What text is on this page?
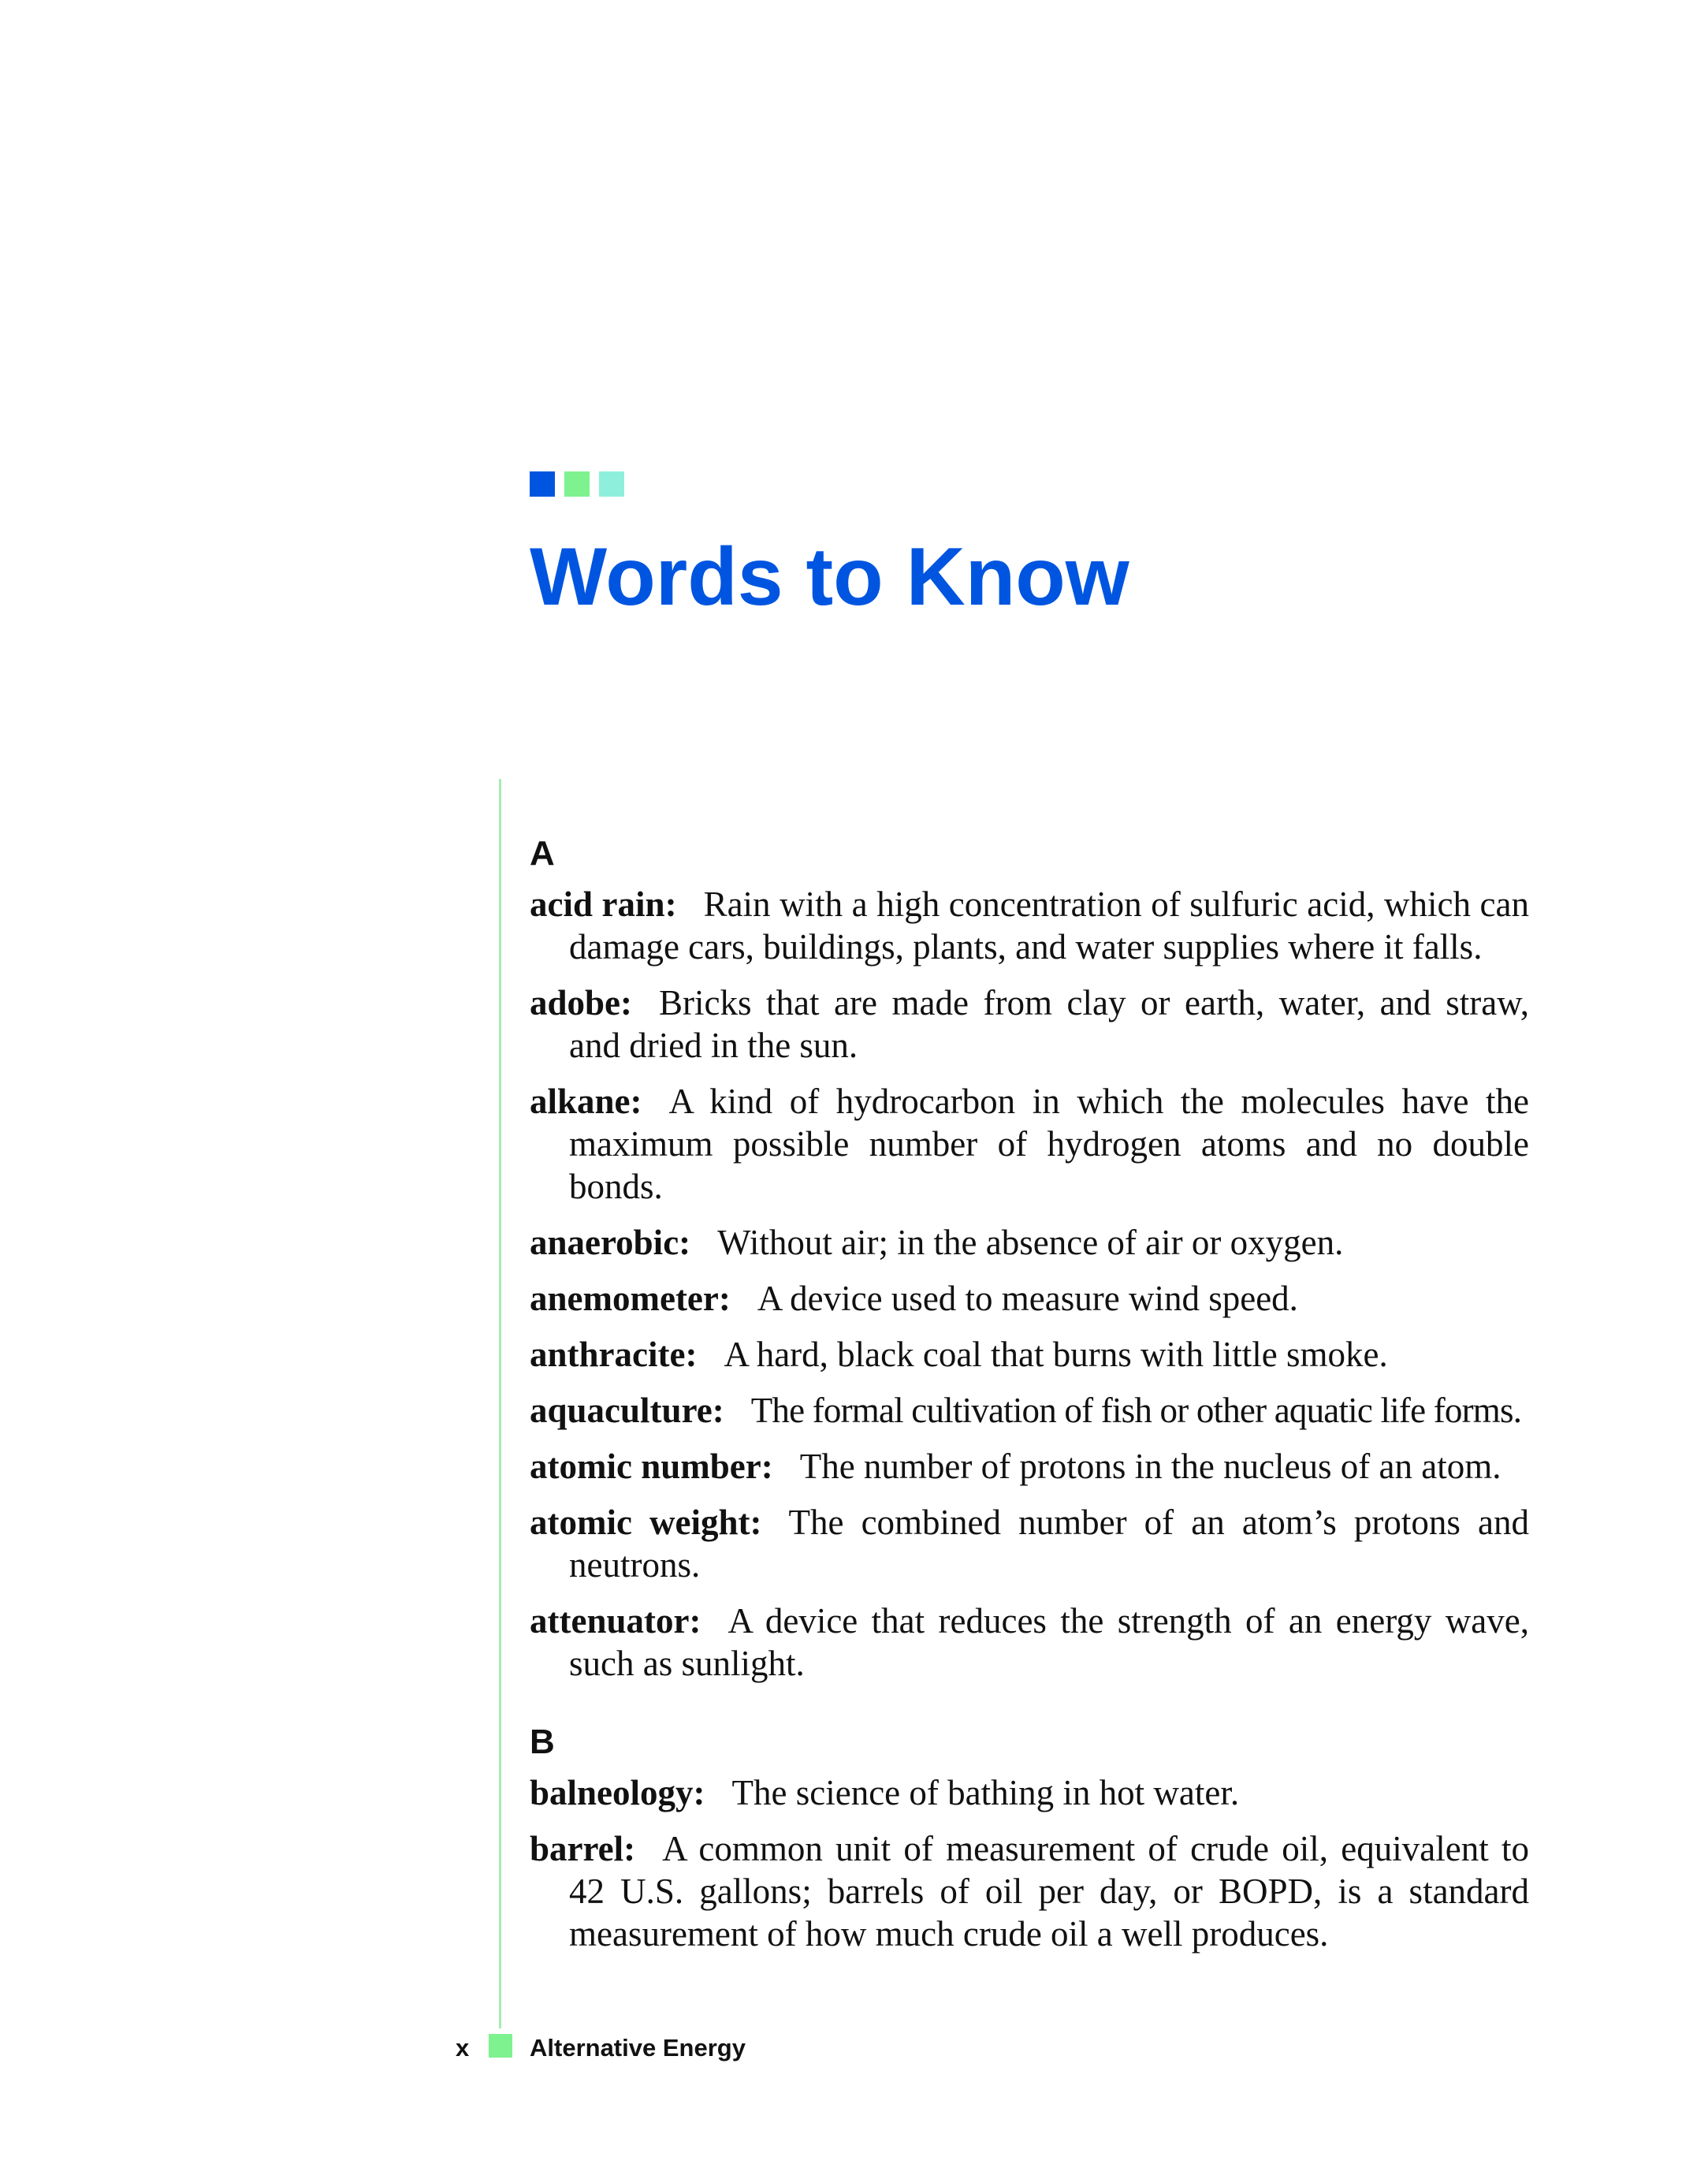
Words to Know
A

acid rain: Rain with a high concentration of sulfuric acid, which can damage cars, buildings, plants, and water supplies where it falls.

adobe: Bricks that are made from clay or earth, water, and straw, and dried in the sun.

alkane: A kind of hydrocarbon in which the molecules have the maximum possible number of hydrogen atoms and no double bonds.

anaerobic: Without air; in the absence of air or oxygen.

anemometer: A device used to measure wind speed.

anthracite: A hard, black coal that burns with little smoke.

aquaculture: The formal cultivation of fish or other aquatic life forms.

atomic number: The number of protons in the nucleus of an atom.

atomic weight: The combined number of an atom’s protons and neutrons.

attenuator: A device that reduces the strength of an energy wave, such as sunlight.

B

balneology: The science of bathing in hot water.

barrel: A common unit of measurement of crude oil, equivalent to 42 U.S. gallons; barrels of oil per day, or BOPD, is a standard measurement of how much crude oil a well produces.

x Alternative Energy
